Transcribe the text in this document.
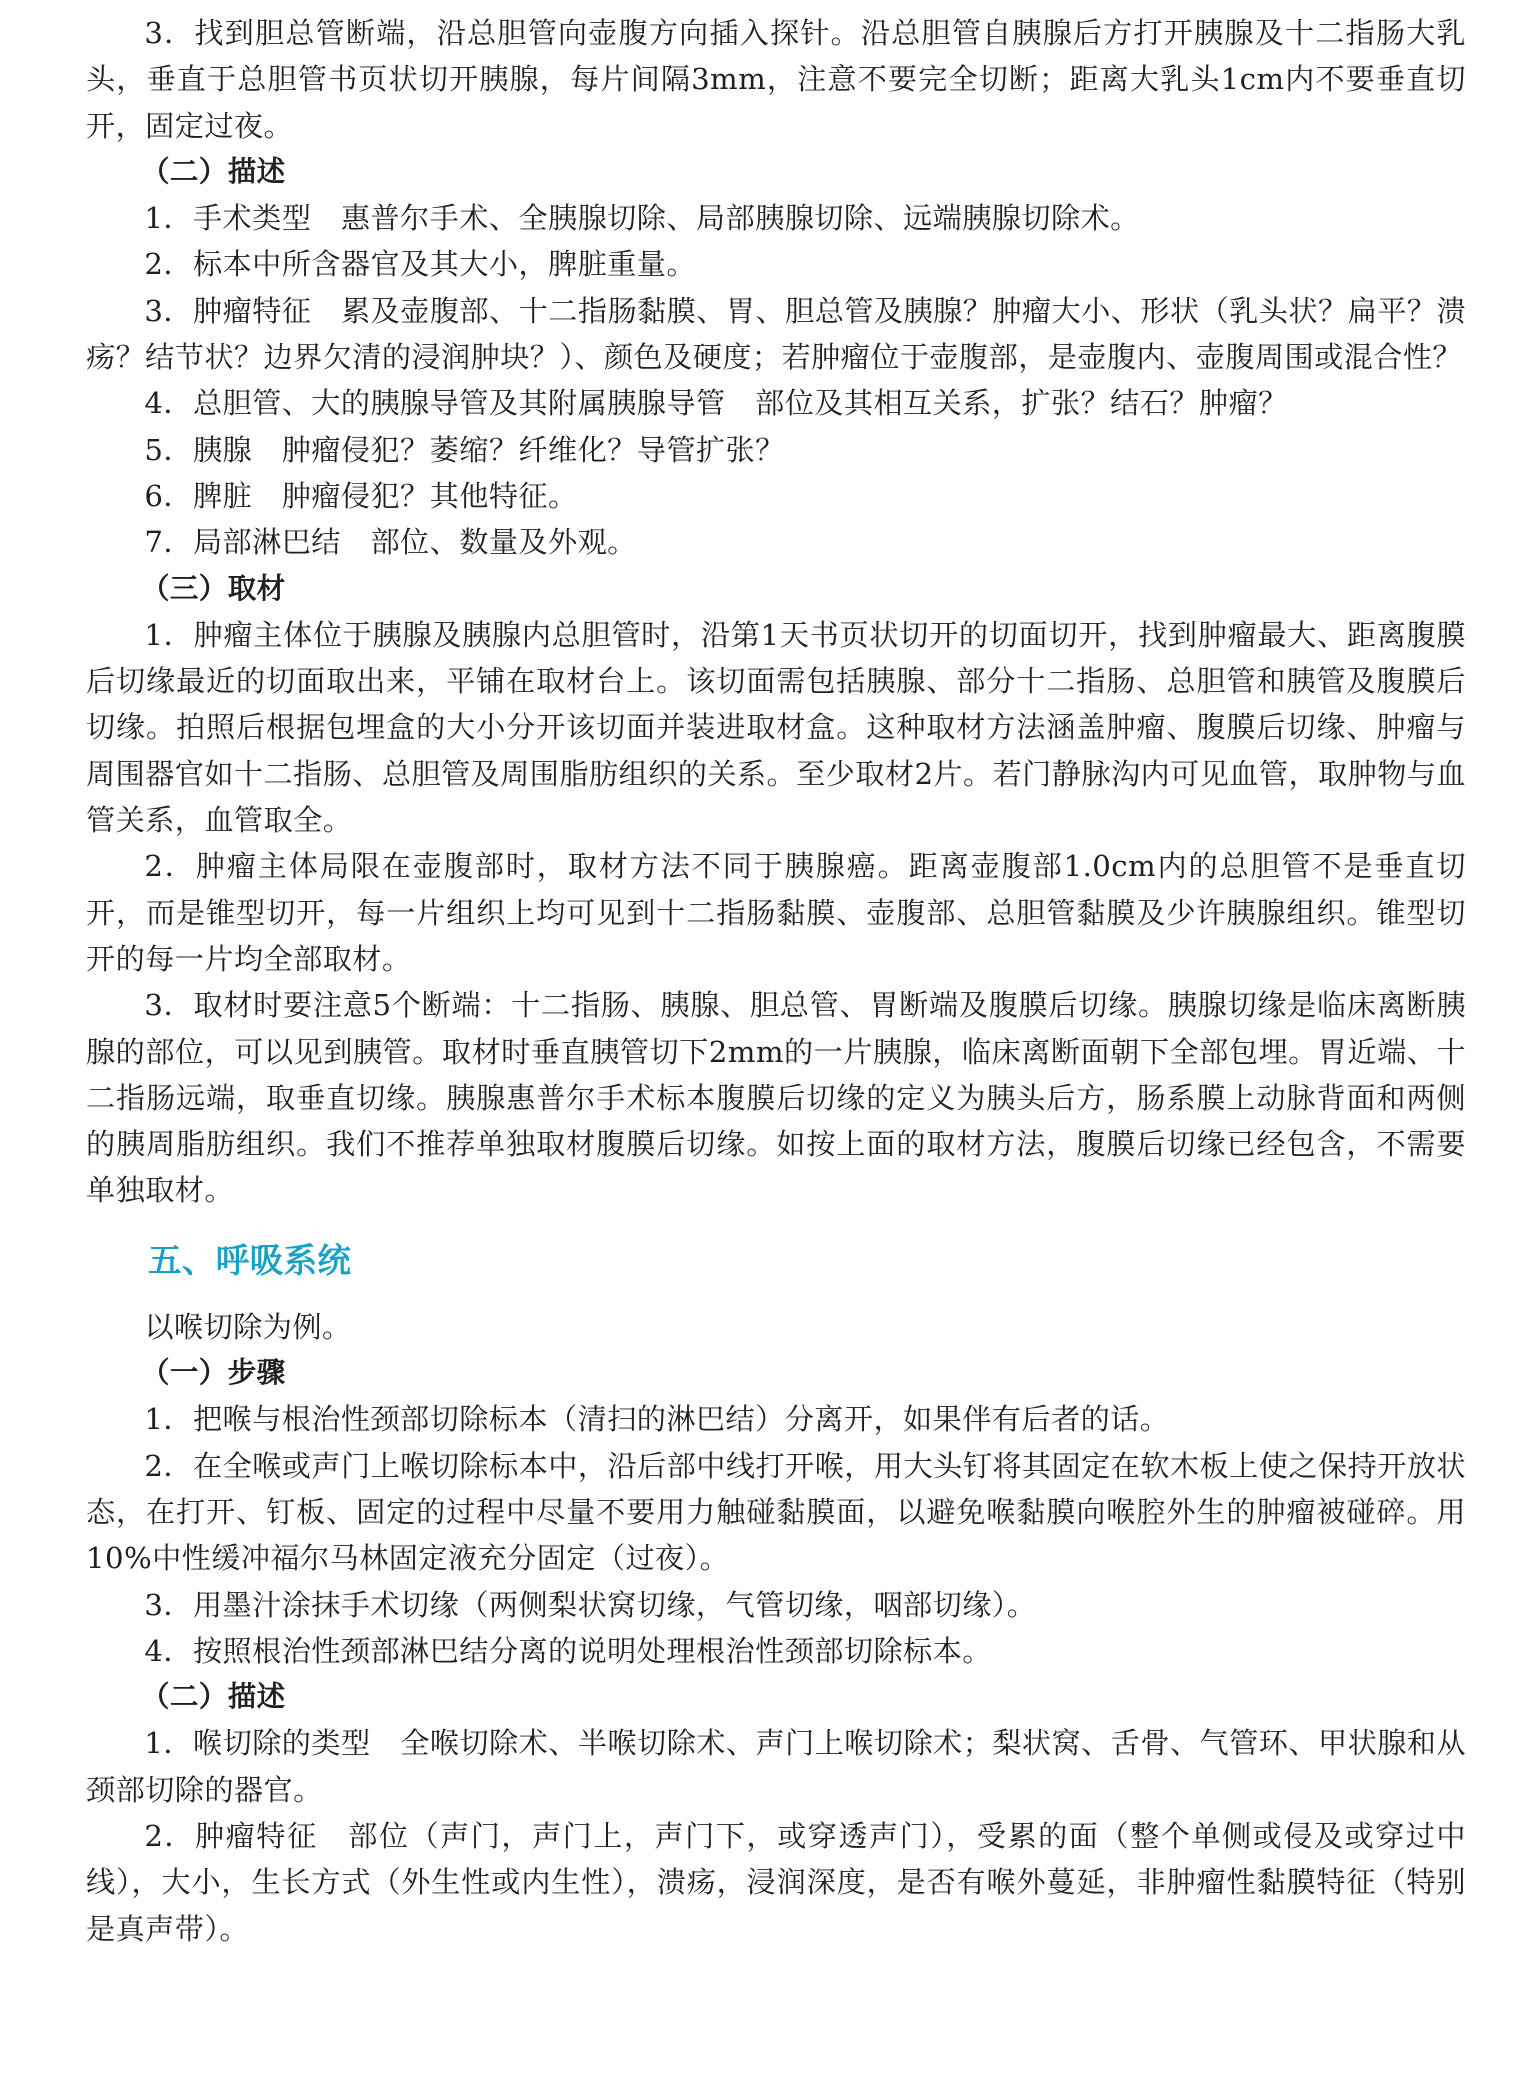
3．找到胆总管断端，沿总胆管向壶腹方向插入探针。沿总胆管自胰腺后方打开胰腺及十二指肠大乳头，垂直于总胆管书页状切开胰腺，每片间隔3mm，注意不要完全切断；距离大乳头1cm内不要垂直切开，固定过夜。

（二）描述

1．手术类型　惠普尔手术、全胰腺切除、局部胰腺切除、远端胰腺切除术。

2．标本中所含器官及其大小，脾脏重量。

3．肿瘤特征　累及壶腹部、十二指肠黏膜、胃、胆总管及胰腺？肿瘤大小、形状（乳头状？扁平？溃疡？结节状？边界欠清的浸润肿块？）、颜色及硬度；若肿瘤位于壶腹部，是壶腹内、壶腹周围或混合性？

4．总胆管、大的胰腺导管及其附属胰腺导管　部位及其相互关系，扩张？结石？肿瘤？

5．胰腺　肿瘤侵犯？萎缩？纤维化？导管扩张？

6．脾脏　肿瘤侵犯？其他特征。

7．局部淋巴结　部位、数量及外观。

（三）取材

1．肿瘤主体位于胰腺及胰腺内总胆管时，沿第1天书页状切开的切面切开，找到肿瘤最大、距离腹膜后切缘最近的切面取出来，平铺在取材台上。该切面需包括胰腺、部分十二指肠、总胆管和胰管及腹膜后切缘。拍照后根据包埋盒的大小分开该切面并装进取材盒。这种取材方法涵盖肿瘤、腹膜后切缘、肿瘤与周围器官如十二指肠、总胆管及周围脂肪组织的关系。至少取材2片。若门静脉沟内可见血管，取肿物与血管关系，血管取全。

2．肿瘤主体局限在壶腹部时，取材方法不同于胰腺癌。距离壶腹部1.0cm内的总胆管不是垂直切开，而是锥型切开，每一片组织上均可见到十二指肠黏膜、壶腹部、总胆管黏膜及少许胰腺组织。锥型切开的每一片均全部取材。

3．取材时要注意5个断端：十二指肠、胰腺、胆总管、胃断端及腹膜后切缘。胰腺切缘是临床离断胰腺的部位，可以见到胰管。取材时垂直胰管切下2mm的一片胰腺，临床离断面朝下全部包埋。胃近端、十二指肠远端，取垂直切缘。胰腺惠普尔手术标本腹膜后切缘的定义为胰头后方，肠系膜上动脉背面和两侧的胰周脂肪组织。我们不推荐单独取材腹膜后切缘。如按上面的取材方法，腹膜后切缘已经包含，不需要单独取材。

五、呼吸系统

以喉切除为例。

（一）步骤

1．把喉与根治性颈部切除标本（清扫的淋巴结）分离开，如果伴有后者的话。

2．在全喉或声门上喉切除标本中，沿后部中线打开喉，用大头钉将其固定在软木板上使之保持开放状态，在打开、钉板、固定的过程中尽量不要用力触碰黏膜面，以避免喉黏膜向喉腔外生的肿瘤被碰碎。用10%中性缓冲福尔马林固定液充分固定（过夜）。

3．用墨汁涂抹手术切缘（两侧梨状窝切缘，气管切缘，咽部切缘）。

4．按照根治性颈部淋巴结分离的说明处理根治性颈部切除标本。

（二）描述

1．喉切除的类型　全喉切除术、半喉切除术、声门上喉切除术；梨状窝、舌骨、气管环、甲状腺和从颈部切除的器官。

2．肿瘤特征　部位（声门，声门上，声门下，或穿透声门），受累的面（整个单侧或侵及或穿过中线），大小，生长方式（外生性或内生性），溃疡，浸润深度，是否有喉外蔓延，非肿瘤性黏膜特征（特别是真声带）。
